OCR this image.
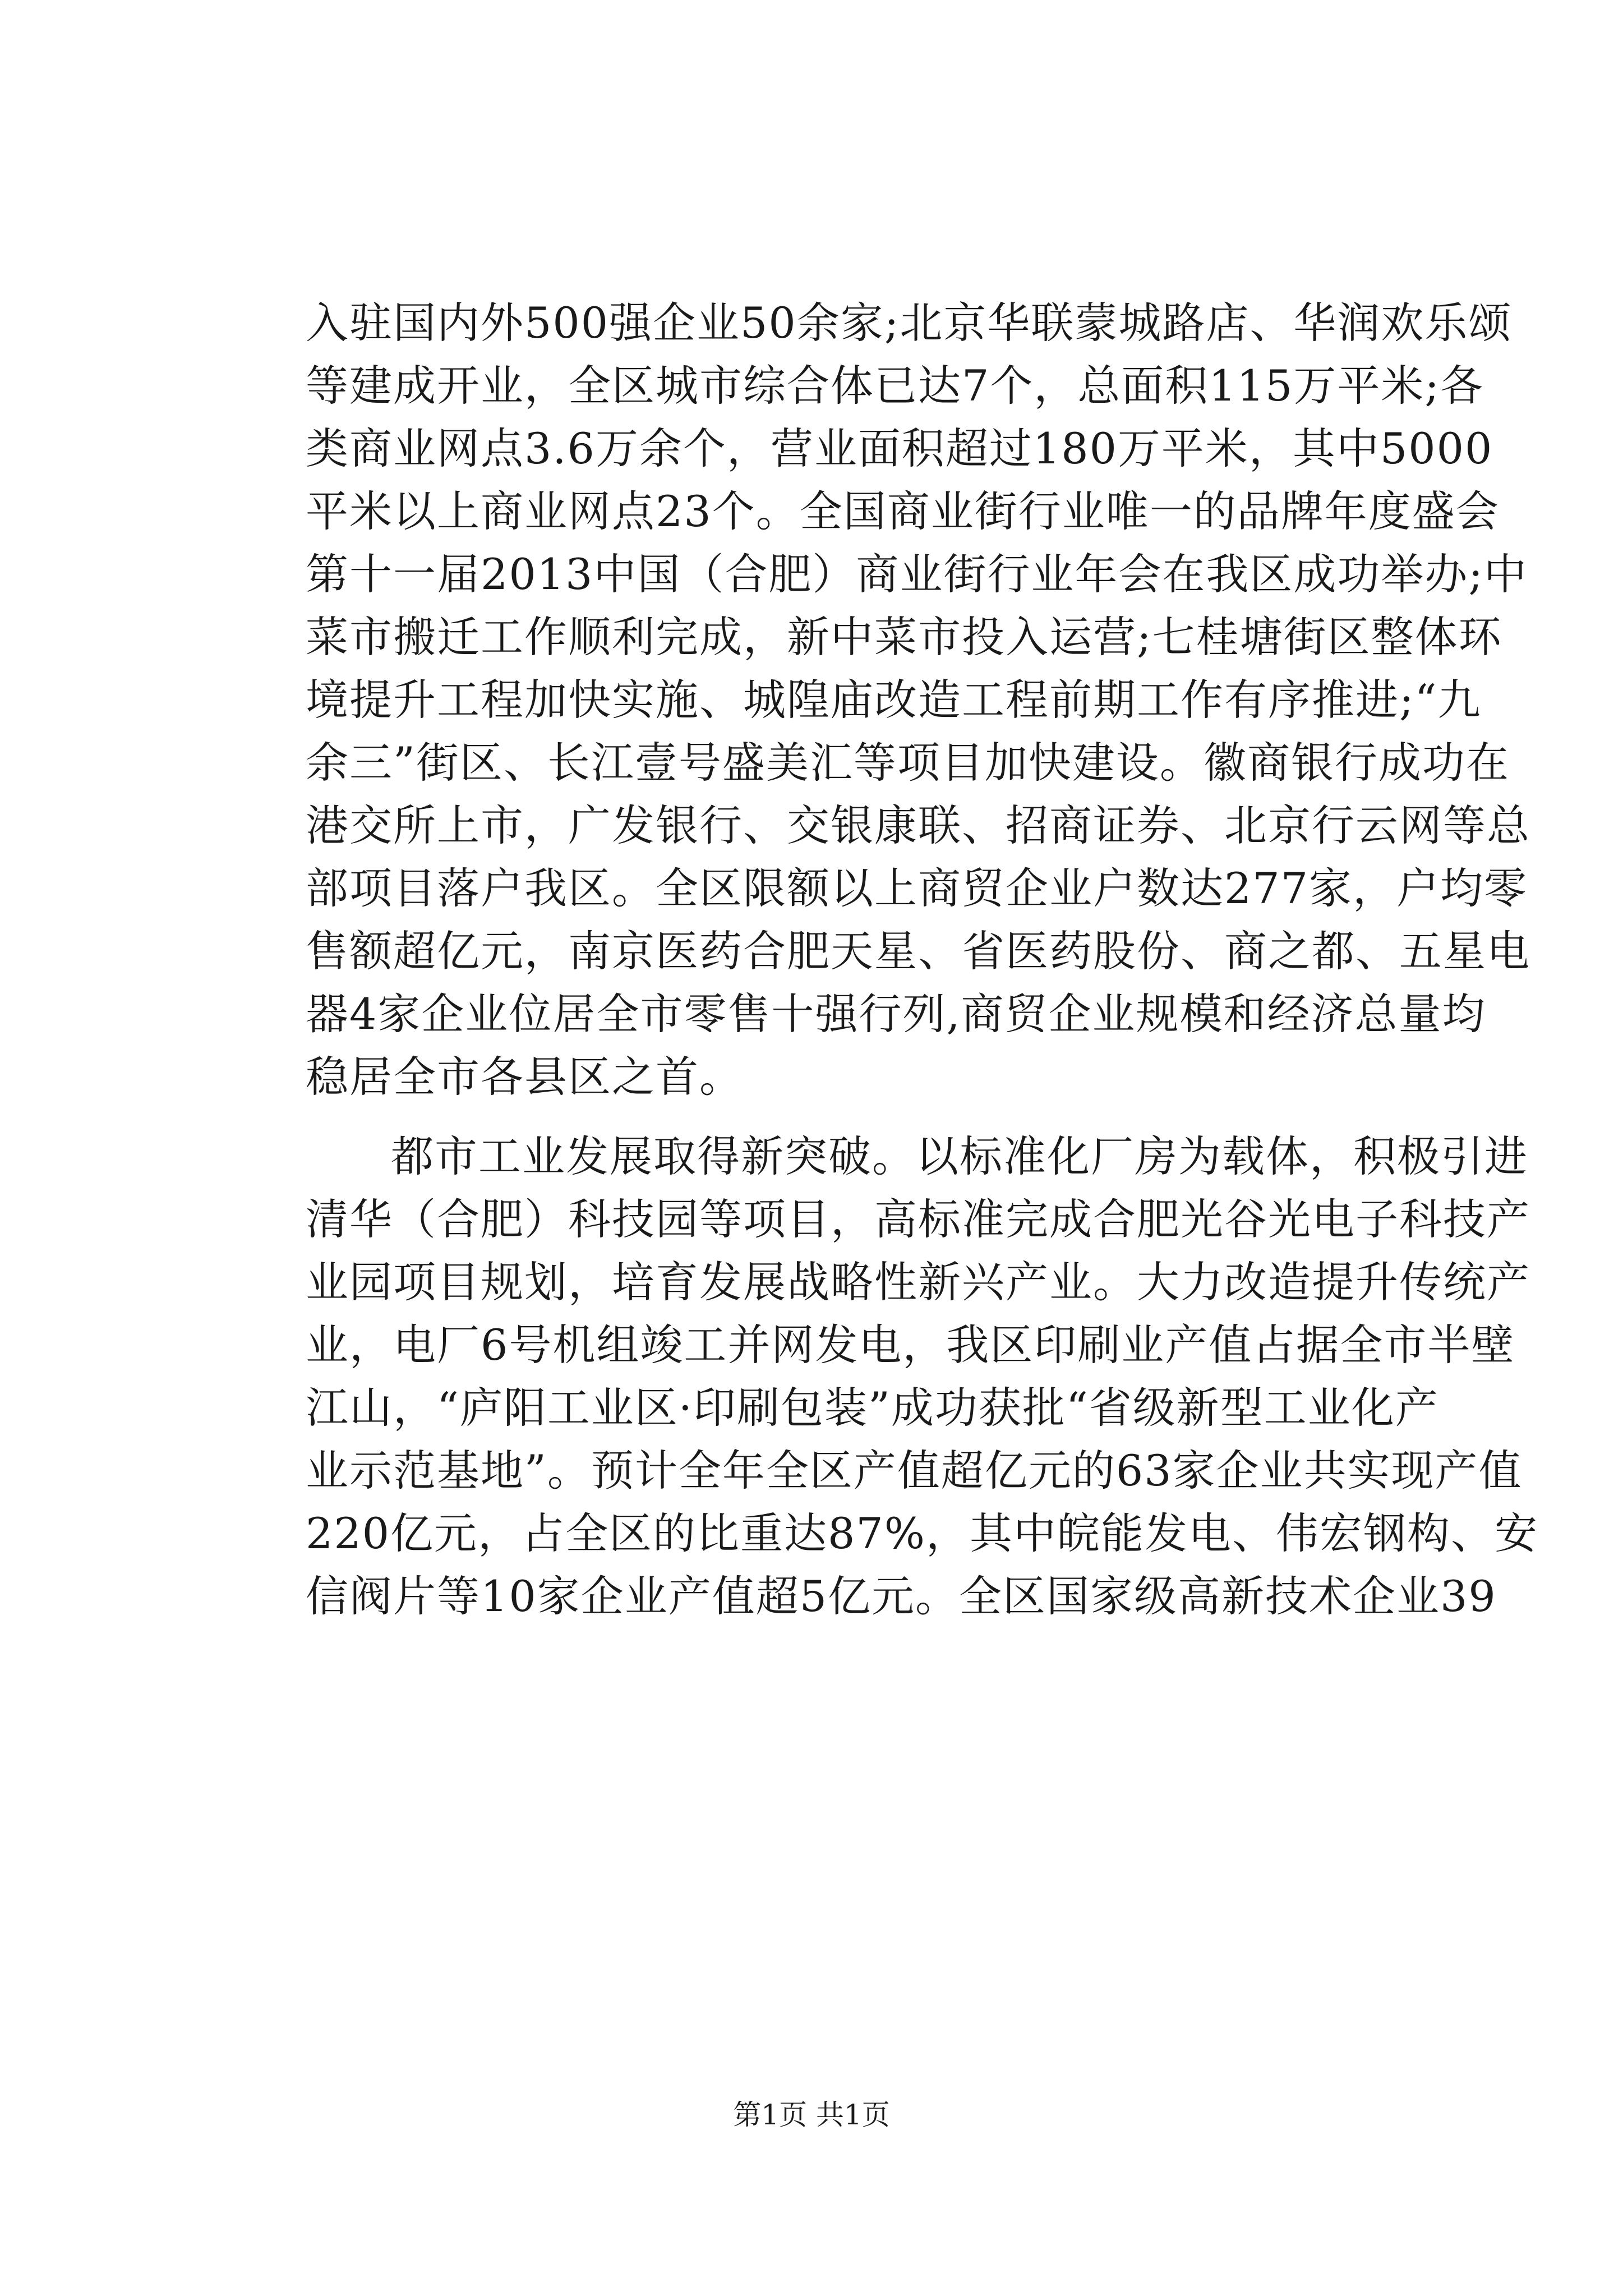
入驻国内外500强企业50余家;北京华联蒙城路店、华润欢乐颂
等建成开业，全区城市综合体已达7个，总面积115万平米;各
类商业网点3.6万余个，营业面积超过180万平米，其中5000
平米以上商业网点23个。全国商业街行业唯一的品牌年度盛会
第十一届2013中国（合肥）商业街行业年会在我区成功举办;中
菜市搬迁工作顺利完成，新中菜市投入运营;七桂塘街区整体环
境提升工程加快实施、城隍庙改造工程前期工作有序推进;“九
余三”街区、长江壹号盛美汇等项目加快建设。徽商银行成功在
港交所上市，广发银行、交银康联、招商证券、北京行云网等总
部项目落户我区。全区限额以上商贸企业户数达277家，户均零
售额超亿元，南京医药合肥天星、省医药股份、商之都、五星电
器4家企业位居全市零售十强行列,商贸企业规模和经济总量均
稳居全市各县区之首。
都市工业发展取得新突破。以标准化厂房为载体，积极引进
清华（合肥）科技园等项目，高标准完成合肥光谷光电子科技产
业园项目规划，培育发展战略性新兴产业。大力改造提升传统产
业，电厂6号机组竣工并网发电，我区印刷业产值占据全市半壁
江山，“庐阳工业区·印刷包装”成功获批“省级新型工业化产
业示范基地”。预计全年全区产值超亿元的63家企业共实现产值
220亿元，占全区的比重达87%，其中皖能发电、伟宏钢构、安
信阀片等10家企业产值超5亿元。全区国家级高新技术企业39
第1页 共1页
